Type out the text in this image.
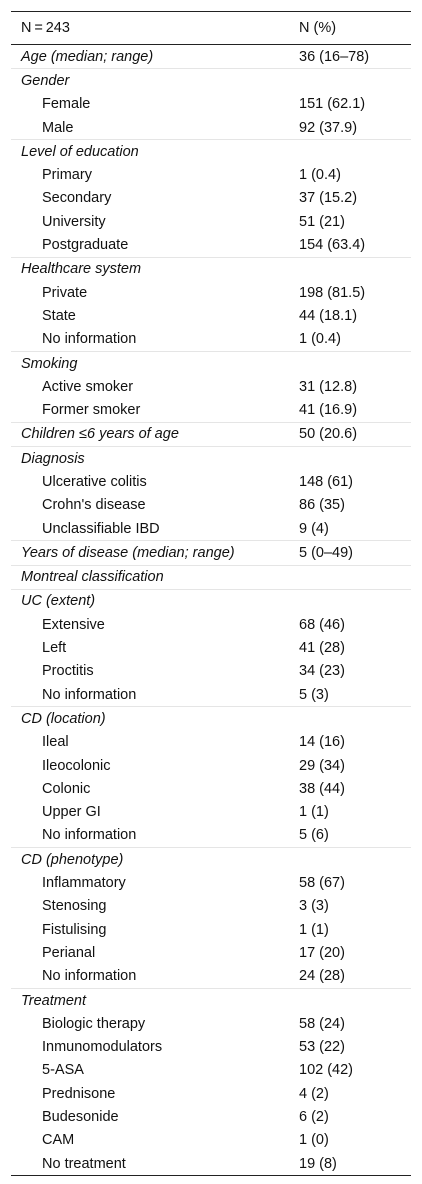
N = 243	N (%)
Age (median; range)	36 (16–78)
Gender
Female	151 (62.1)
Male	92 (37.9)
Level of education
Primary	1 (0.4)
Secondary	37 (15.2)
University	51 (21)
Postgraduate	154 (63.4)
Healthcare system
Private	198 (81.5)
State	44 (18.1)
No information	1 (0.4)
Smoking
Active smoker	31 (12.8)
Former smoker	41 (16.9)
Children ≤6 years of age	50 (20.6)
Diagnosis
Ulcerative colitis	148 (61)
Crohn's disease	86 (35)
Unclassifiable IBD	9 (4)
Years of disease (median; range)	5 (0–49)
Montreal classification
UC (extent)
Extensive	68 (46)
Left	41 (28)
Proctitis	34 (23)
No information	5 (3)
CD (location)
Ileal	14 (16)
Ileocolonic	29 (34)
Colonic	38 (44)
Upper GI	1 (1)
No information	5 (6)
CD (phenotype)
Inflammatory	58 (67)
Stenosing	3 (3)
Fistulising	1 (1)
Perianal	17 (20)
No information	24 (28)
Treatment
Biologic therapy	58 (24)
Inmunomodulators	53 (22)
5-ASA	102 (42)
Prednisone	4 (2)
Budesonide	6 (2)
CAM	1 (0)
No treatment	19 (8)
